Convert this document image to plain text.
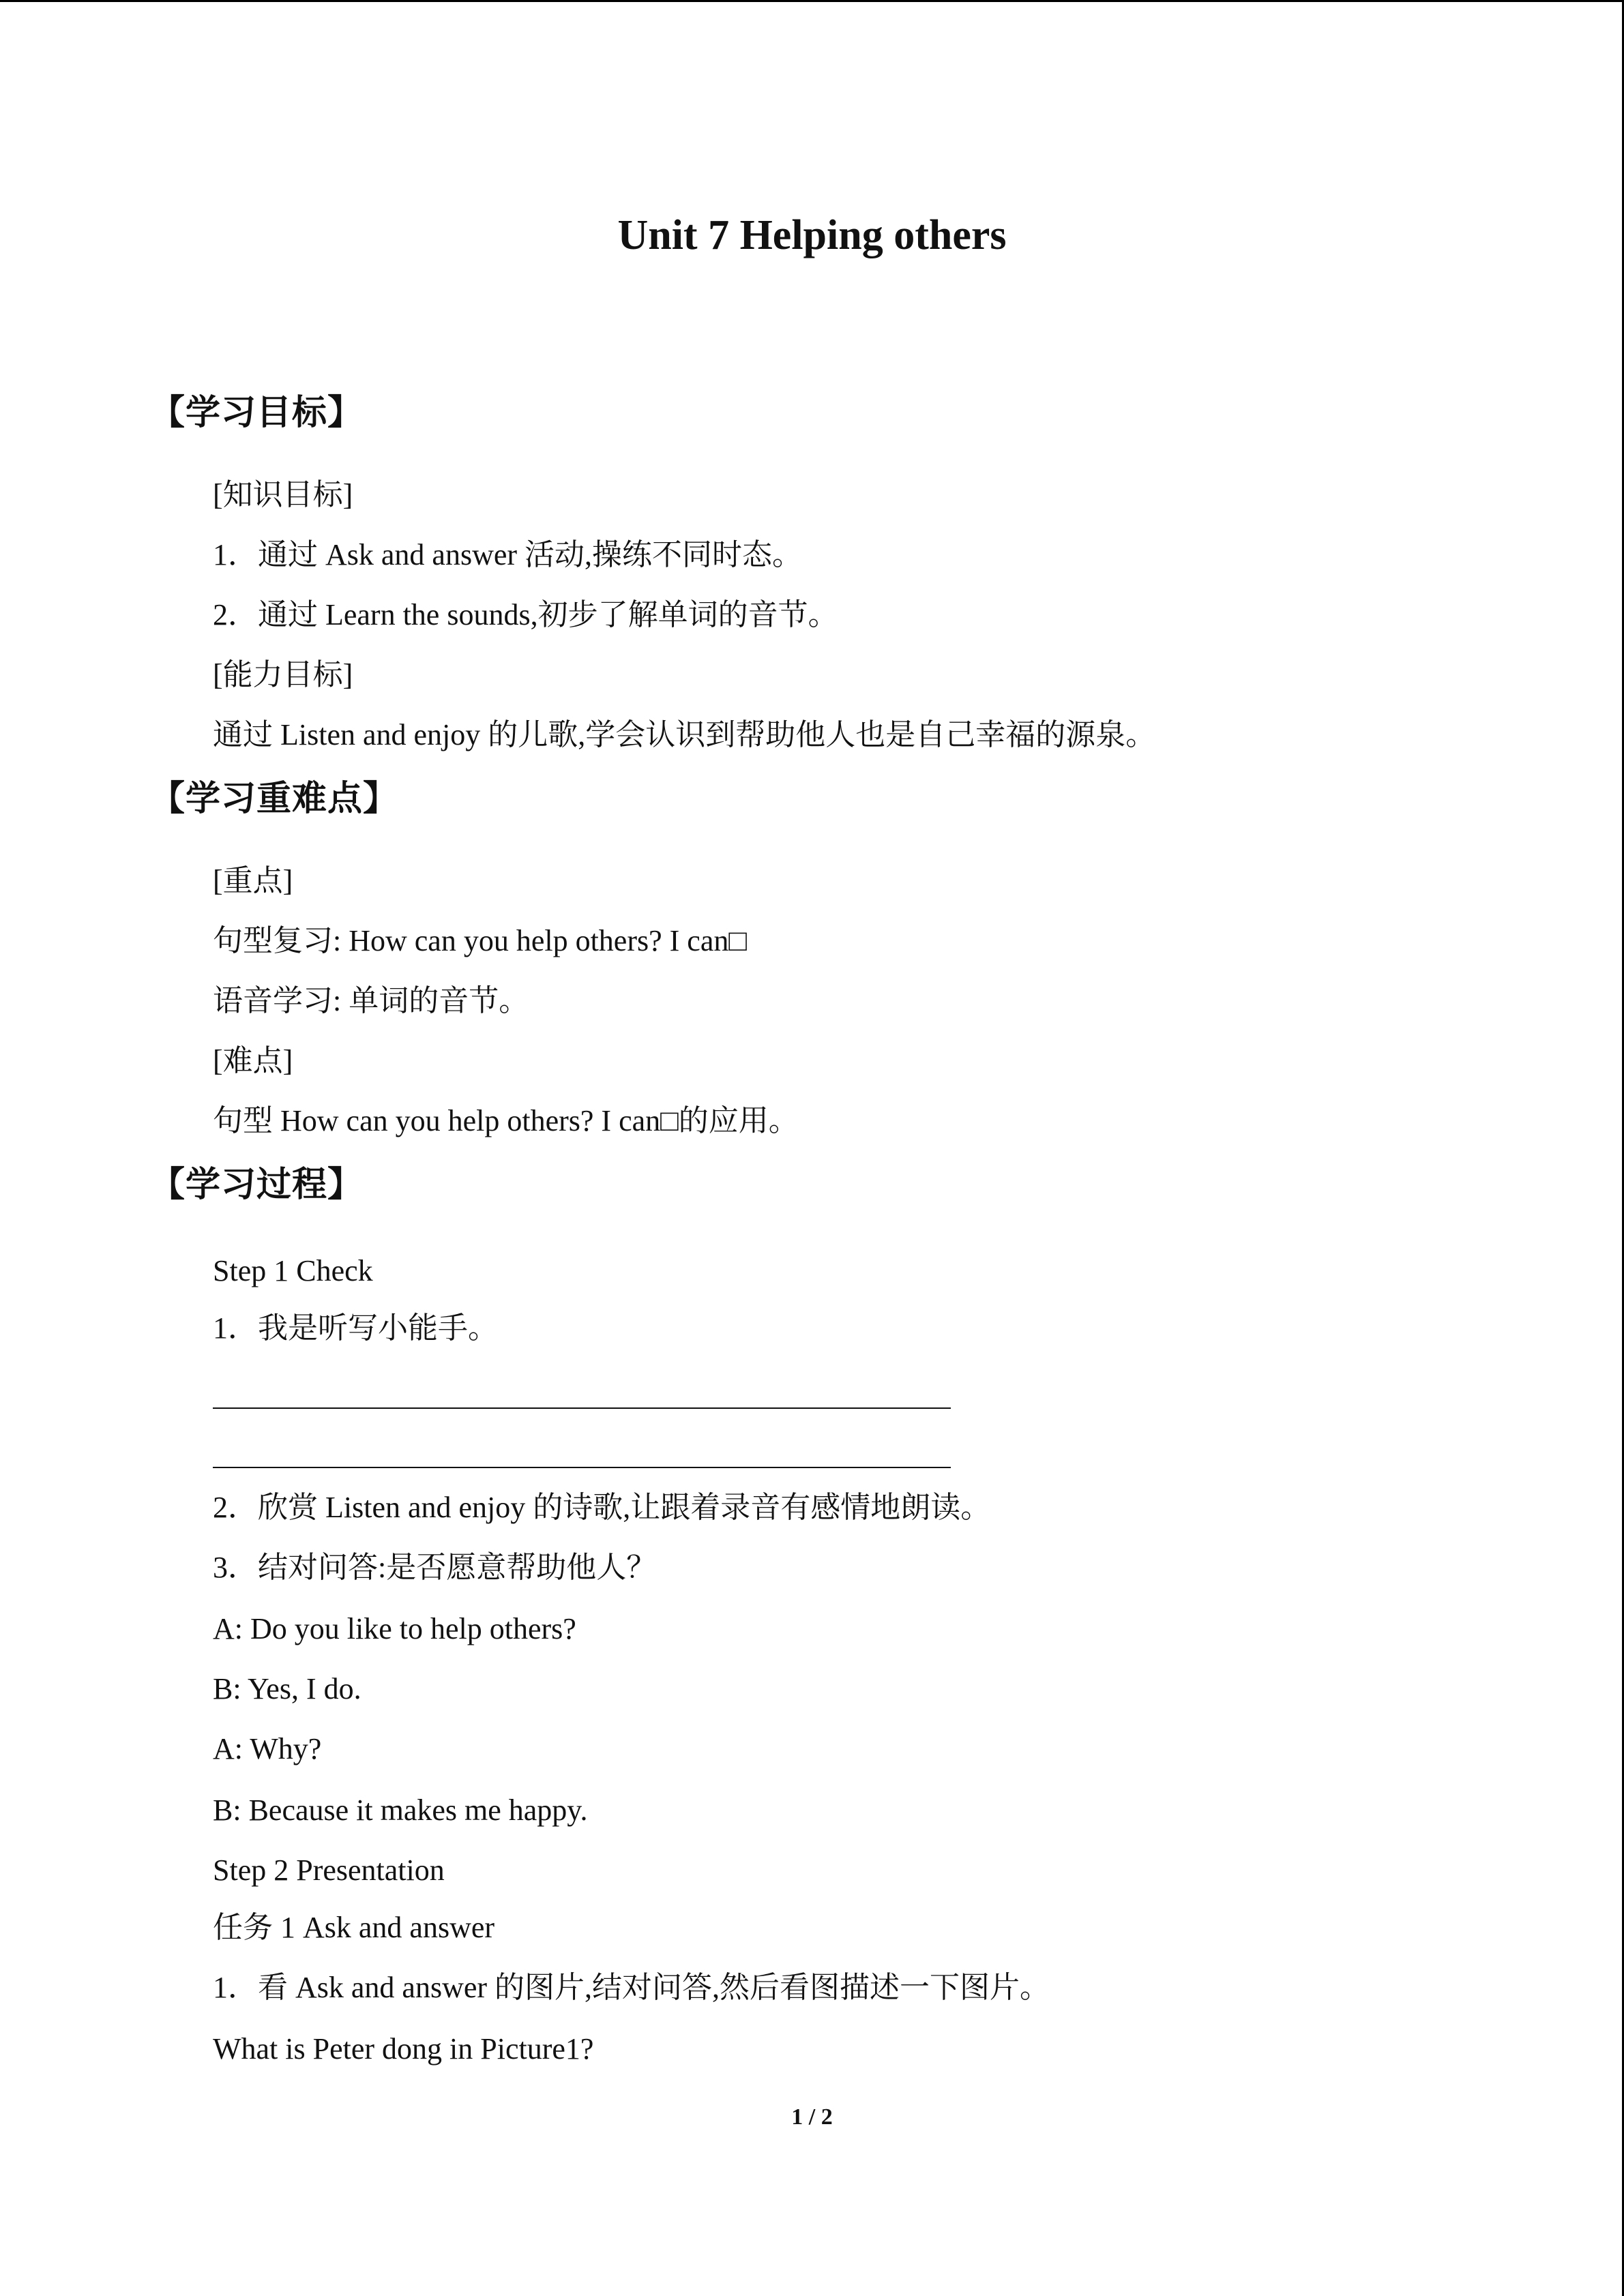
Unit 7 Helping others
【学习目标】
[知识目标]
1．通过 Ask and answer 活动,操练不同时态。
2．通过 Learn the sounds,初步了解单词的音节。
[能力目标]
通过 Listen and enjoy 的儿歌,学会认识到帮助他人也是自己幸福的源泉。
【学习重难点】
[重点]
句型复习: How can you help others? I can□
语音学习: 单词的音节。
[难点]
句型 How can you help others? I can□的应用。
【学习过程】
Step 1 Check
1．我是听写小能手。
2．欣赏 Listen and enjoy 的诗歌,让跟着录音有感情地朗读。
3．结对问答:是否愿意帮助他人？
A: Do you like to help others?
B: Yes, I do.
A: Why?
B: Because it makes me happy.
Step 2 Presentation
任务 1 Ask and answer
1．看 Ask and answer 的图片,结对问答,然后看图描述一下图片。
What is Peter dong in Picture1?
1 / 2
